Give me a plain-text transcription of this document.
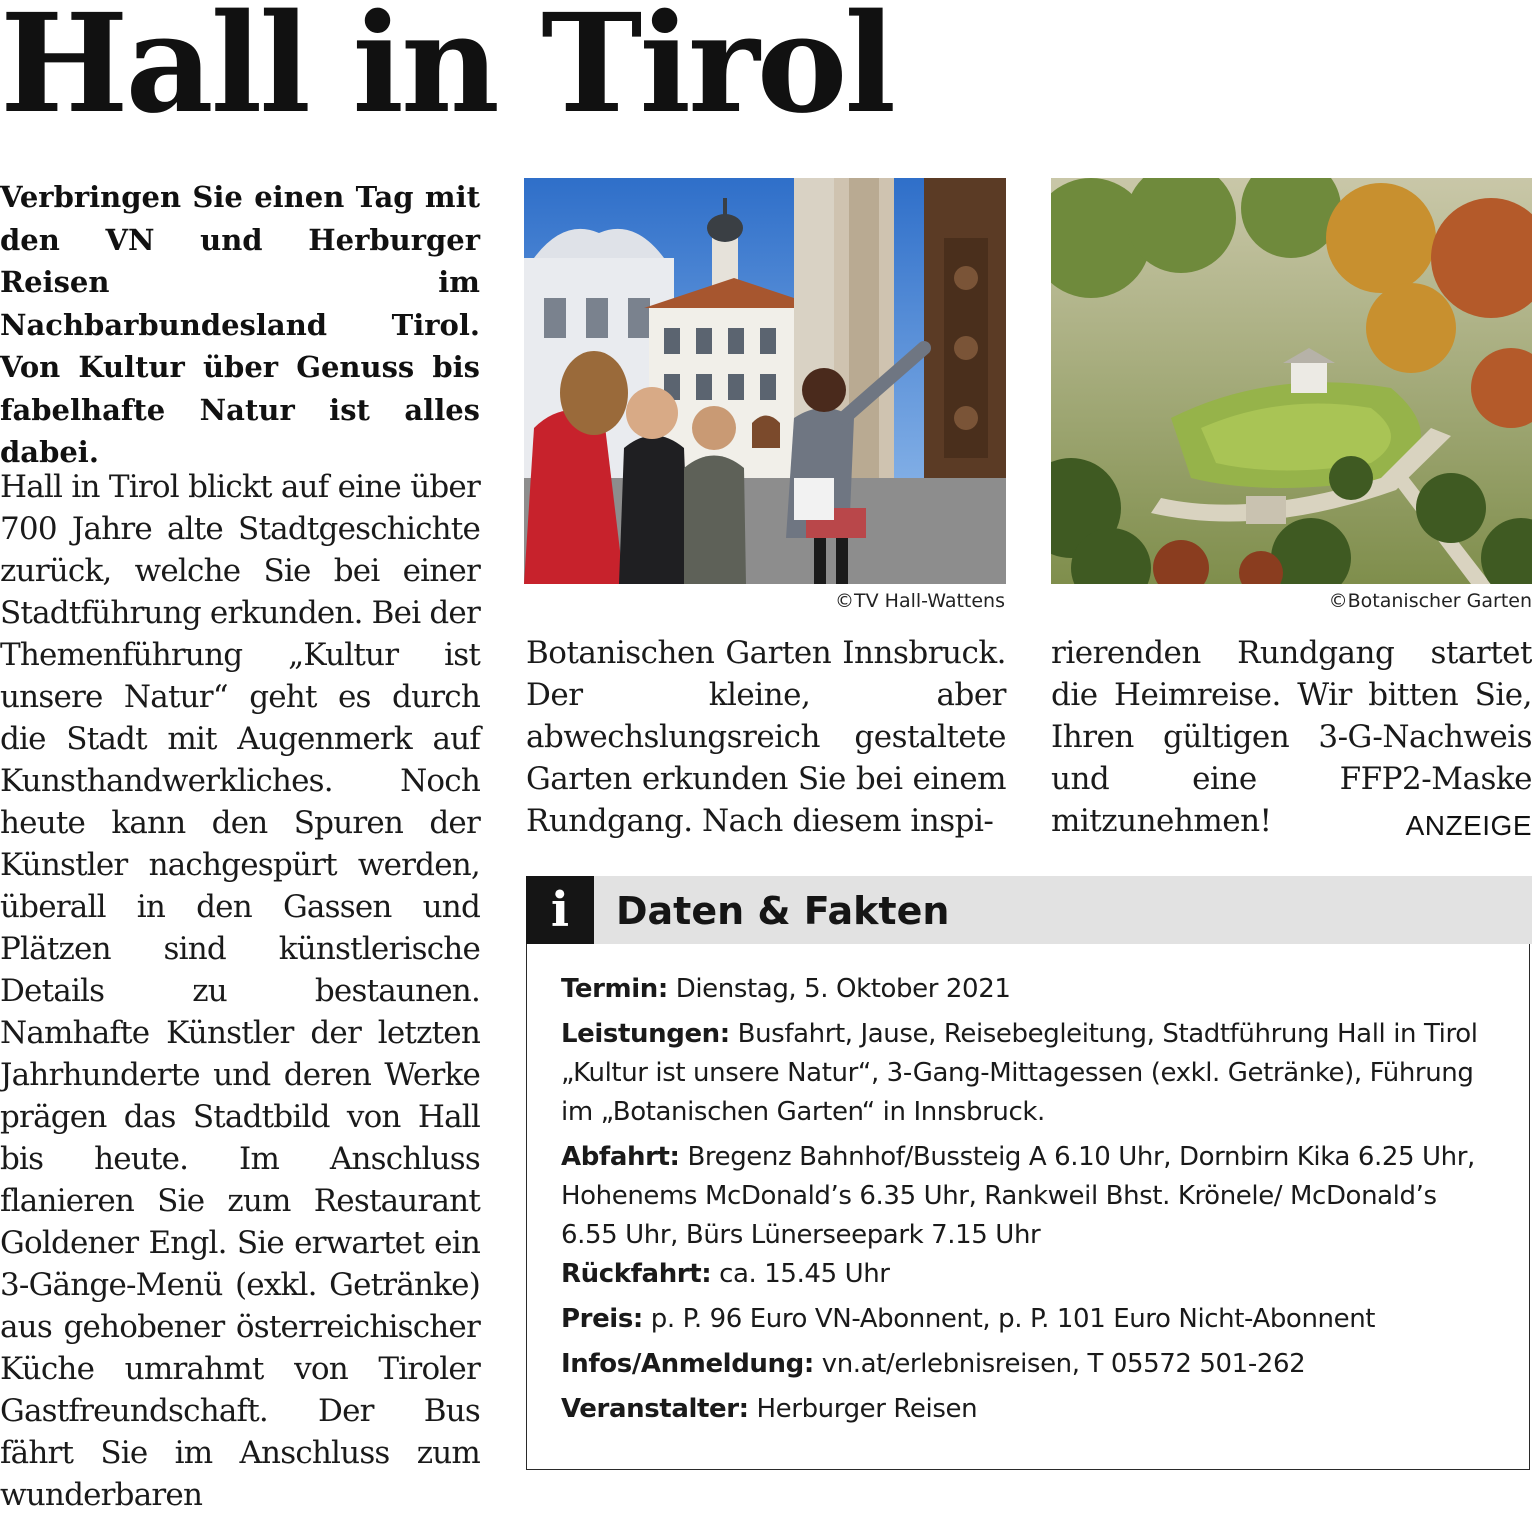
Hall in Tirol

Verbringen Sie einen Tag mit den VN und Herburger Reisen im Nachbarbundesland Tirol. Von Kultur über Genuss bis fabelhafte Natur ist alles dabei.

Hall in Tirol blickt auf eine über 700 Jahre alte Stadtgeschichte zurück, welche Sie bei einer Stadtführung erkunden. Bei der Themenführung „Kultur ist unsere Natur“ geht es durch die Stadt mit Augenmerk auf Kunsthandwerkliches. Noch heute kann den Spuren der Künstler nachgespürt werden, überall in den Gassen und Plätzen sind künstlerische Details zu bestaunen. Namhafte Künstler der letzten Jahrhunderte und deren Werke prägen das Stadtbild von Hall bis heute. Im Anschluss flanieren Sie zum Restaurant Goldener Engl. Sie erwartet ein 3-Gänge-Menü (exkl. Getränke) aus gehobener österreichischer Küche umrahmt von Tiroler Gastfreundschaft. Der Bus fährt Sie im Anschluss zum wunderbaren

©TV Hall-Wattens	©Botanischer Garten

Botanischen Garten Innsbruck. Der kleine, aber abwechslungsreich gestaltete Garten erkunden Sie bei einem Rundgang. Nach diesem inspi-

rierenden Rundgang startet die Heimreise. Wir bitten Sie, Ihren gültigen 3-G-Nachweis und eine FFP2-Maske mitzunehmen!	ANZEIGE
i	Daten & Fakten

Termin: Dienstag, 5. Oktober 2021

Leistungen: Busfahrt, Jause, Reisebegleitung, Stadtführung Hall in Tirol „Kultur ist unsere Natur“, 3-Gang-Mittagessen (exkl. Getränke), Führung im „Botanischen Garten“ in Innsbruck.

Abfahrt: Bregenz Bahnhof/Bussteig A 6.10 Uhr, Dornbirn Kika 6.25 Uhr, Hohenems McDonald’s 6.35 Uhr, Rankweil Bhst. Krönele/ McDonald’s 6.55 Uhr, Bürs Lünerseepark 7.15 Uhr

Rückfahrt: ca. 15.45 Uhr

Preis: p. P. 96 Euro VN-Abonnent, p. P. 101 Euro Nicht-Abonnent

Infos/Anmeldung: vn.at/erlebnisreisen, T 05572 501-262

Veranstalter: Herburger Reisen
